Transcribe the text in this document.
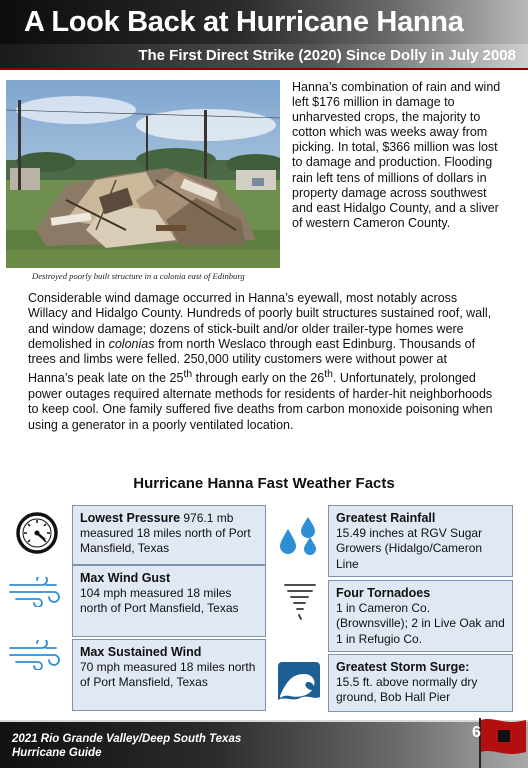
A Look Back at Hurricane Hanna
The First Direct Strike (2020) Since Dolly in July 2008
Destroyed poorly built structure in a colonia east of Edinburg

Hanna’s combination of rain and wind left $176 million in damage to unharvested crops, the majority to cotton which was weeks away from picking. In total, $366 million was lost to damage and production. Flooding rain left tens of millions of dollars in property damage across southwest and east Hidalgo County, and a sliver of western Cameron County.

Considerable wind damage occurred in Hanna’s eyewall, most notably across Willacy and Hidalgo County. Hundreds of poorly built structures sustained roof, wall, and window damage; dozens of stick-built and/or older trailer-type homes were demolished in colonias from north Weslaco through east Edinburg. Thousands of trees and limbs were felled. 250,000 utility customers were without power at Hanna’s peak late on the 25th through early on the 26th. Unfortunately, prolonged power outages required alternate methods for residents of harder-hit neighborhoods to keep cool. One family suffered five deaths from carbon monoxide poisoning when using a generator in a poorly ventilated location.

Hurricane Hanna Fast Weather Facts
Lowest Pressure 976.1 mb measured 18 miles north of Port Mansfield, Texas
Max Wind Gust
104 mph measured 18 miles north of Port Mansfield, Texas
Max Sustained Wind
70 mph measured 18 miles north of Port Mansfield, Texas
Greatest Rainfall
15.49 inches at RGV Sugar Growers (Hidalgo/Cameron Line
Four Tornadoes
1 in Cameron Co. (Brownsville); 2 in Live Oak and 1 in Refugio Co.
Greatest Storm Surge:
15.5 ft. above normally dry ground, Bob Hall Pier
2021 Rio Grande Valley/Deep South Texas
Hurricane Guide
6
